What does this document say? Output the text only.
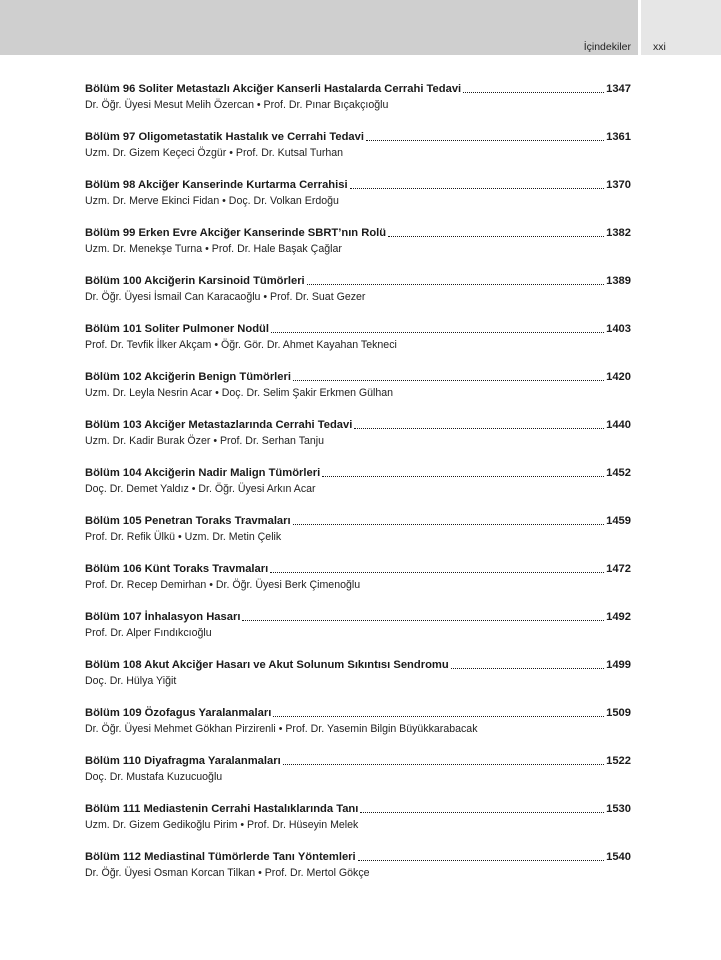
İçindekiler xxi
Bölüm 96 Soliter Metastazlı Akciğer Kanserli Hastalarda Cerrahi Tedavi	1347
Dr. Öğr. Üyesi Mesut Melih Özercan • Prof. Dr. Pınar Bıçakçıoğlu
Bölüm 97 Oligometastatik Hastalık ve Cerrahi Tedavi	1361
Uzm. Dr. Gizem Keçeci Özgür • Prof. Dr. Kutsal Turhan
Bölüm 98 Akciğer Kanserinde Kurtarma Cerrahisi	1370
Uzm. Dr. Merve Ekinci Fidan • Doç. Dr. Volkan Erdoğu
Bölüm 99 Erken Evre Akciğer Kanserinde SBRT’nın Rolü	1382
Uzm. Dr. Menekşe Turna • Prof. Dr. Hale Başak Çağlar
Bölüm 100 Akciğerin Karsinoid Tümörleri	1389
Dr. Öğr. Üyesi İsmail Can Karacaoğlu • Prof. Dr. Suat Gezer
Bölüm 101 Soliter Pulmoner Nodül	1403
Prof. Dr. Tevfik İlker Akçam • Öğr. Gör. Dr. Ahmet Kayahan Tekneci
Bölüm 102 Akciğerin Benign Tümörleri	1420
Uzm. Dr. Leyla Nesrin Acar • Doç. Dr. Selim Şakir Erkmen Gülhan
Bölüm 103 Akciğer Metastazlarında Cerrahi Tedavi	1440
Uzm. Dr. Kadir Burak Özer • Prof. Dr. Serhan Tanju
Bölüm 104 Akciğerin Nadir Malign Tümörleri	1452
Doç. Dr. Demet Yaldız • Dr. Öğr. Üyesi Arkın Acar
Bölüm 105 Penetran Toraks Travmaları	1459
Prof. Dr. Refik Ülkü • Uzm. Dr. Metin Çelik
Bölüm 106 Künt Toraks Travmaları	1472
Prof. Dr. Recep Demirhan • Dr. Öğr. Üyesi Berk Çimenoğlu
Bölüm 107 İnhalasyon Hasarı	1492
Prof. Dr. Alper Fındıkcıoğlu
Bölüm 108 Akut Akciğer Hasarı ve Akut Solunum Sıkıntısı Sendromu	1499
Doç. Dr. Hülya Yiğit
Bölüm 109 Özofagus Yaralanmaları	1509
Dr. Öğr. Üyesi Mehmet Gökhan Pirzirenli • Prof. Dr. Yasemin Bilgin Büyükkarabacak
Bölüm 110 Diyafragma Yaralanmaları	1522
Doç. Dr. Mustafa Kuzucuoğlu
Bölüm 111 Mediastenin Cerrahi Hastalıklarında Tanı	1530
Uzm. Dr. Gizem Gedikoğlu Pirim • Prof. Dr. Hüseyin Melek
Bölüm 112 Mediastinal Tümörlerde Tanı Yöntemleri	1540
Dr. Öğr. Üyesi Osman Korcan Tilkan • Prof. Dr. Mertol Gökçe
